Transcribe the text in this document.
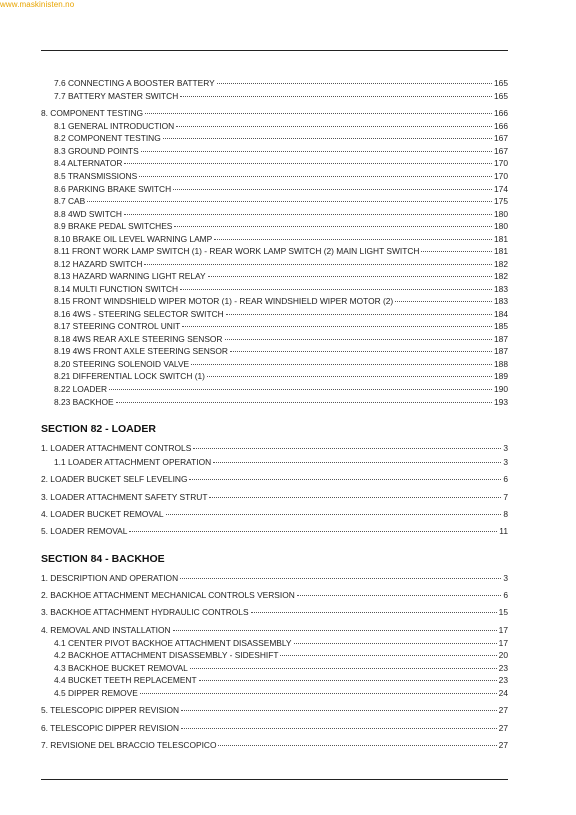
www.maskinisten.no
7.6 CONNECTING A BOOSTER BATTERY	165
7.7 BATTERY MASTER SWITCH	165
8. COMPONENT TESTING	166
8.1 GENERAL INTRODUCTION	166
8.2 COMPONENT TESTING	167
8.3 GROUND POINTS	167
8.4 ALTERNATOR	170
8.5 TRANSMISSIONS	170
8.6 PARKING BRAKE SWITCH	174
8.7 CAB	175
8.8 4WD SWITCH	180
8.9 BRAKE PEDAL SWITCHES	180
8.10 BRAKE OIL LEVEL WARNING LAMP	181
8.11 FRONT WORK LAMP SWITCH (1) - REAR WORK LAMP SWITCH (2) MAIN LIGHT SWITCH	181
8.12 HAZARD SWITCH	182
8.13 HAZARD WARNING LIGHT RELAY	182
8.14 MULTI FUNCTION SWITCH	183
8.15 FRONT WINDSHIELD WIPER MOTOR (1) - REAR WINDSHIELD WIPER MOTOR (2)	183
8.16 4WS - STEERING SELECTOR SWITCH	184
8.17 STEERING CONTROL UNIT	185
8.18 4WS REAR AXLE STEERING SENSOR	187
8.19 4WS FRONT AXLE STEERING SENSOR	187
8.20 STEERING SOLENOID VALVE	188
8.21 DIFFERENTIAL LOCK SWITCH (1)	189
8.22 LOADER	190
8.23 BACKHOE	193
SECTION 82 - LOADER
1. LOADER ATTACHMENT CONTROLS	3
1.1 LOADER ATTACHMENT OPERATION	3
2. LOADER BUCKET SELF LEVELING	6
3. LOADER ATTACHMENT SAFETY STRUT	7
4. LOADER BUCKET REMOVAL	8
5. LOADER REMOVAL	11
SECTION 84 - BACKHOE
1. DESCRIPTION AND OPERATION	3
2. BACKHOE ATTACHMENT MECHANICAL CONTROLS VERSION	6
3. BACKHOE ATTACHMENT HYDRAULIC CONTROLS	15
4. REMOVAL AND INSTALLATION	17
4.1 CENTER PIVOT BACKHOE ATTACHMENT DISASSEMBLY	17
4.2 BACKHOE ATTACHMENT DISASSEMBLY - SIDESHIFT	20
4.3 BACKHOE BUCKET REMOVAL	23
4.4 BUCKET TEETH REPLACEMENT	23
4.5 DIPPER REMOVE	24
5. TELESCOPIC DIPPER REVISION	27
6. TELESCOPIC DIPPER REVISION	27
7. REVISIONE DEL BRACCIO TELESCOPICO	27
